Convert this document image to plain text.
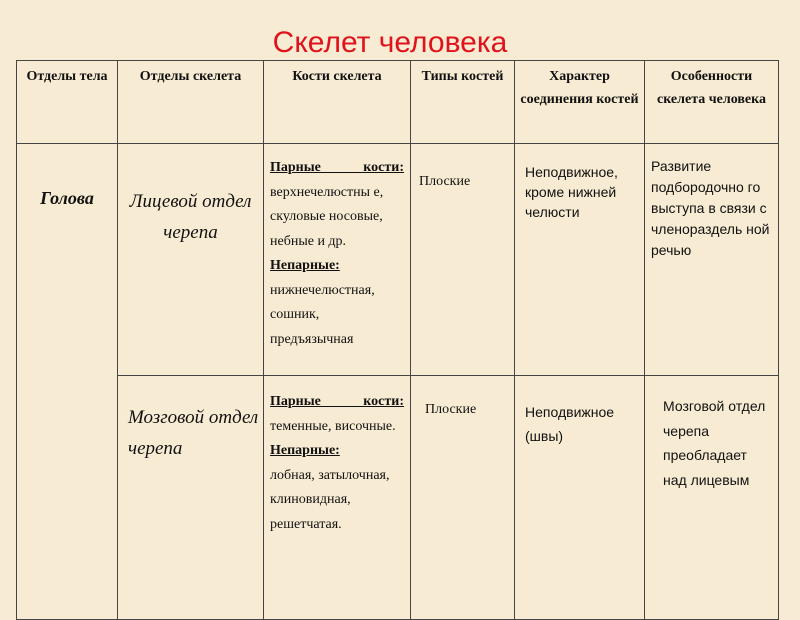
Скелет человека
Отделы тела	Отделы скелета	Кости скелета	Типы костей	Характер соединения костей	Особенности скелета человека
Голова	Лицевой отдел черепа	Парные кости:
верхнечелюстны е, скуловые носовые, небные и др.
Непарные:
нижнечелюстная, сошник, предъязычная	Плоские	Неподвижное, кроме нижней челюсти	Развитие подбородочно го выступа в связи с членораздель ной речью
	Мозговой отдел черепа	Парные кости:
теменные, височные.
Непарные:
лобная, затылочная, клиновидная, решетчатая.	Плоские	Неподвижное (швы)	Мозговой отдел черепа преобладает над лицевым
